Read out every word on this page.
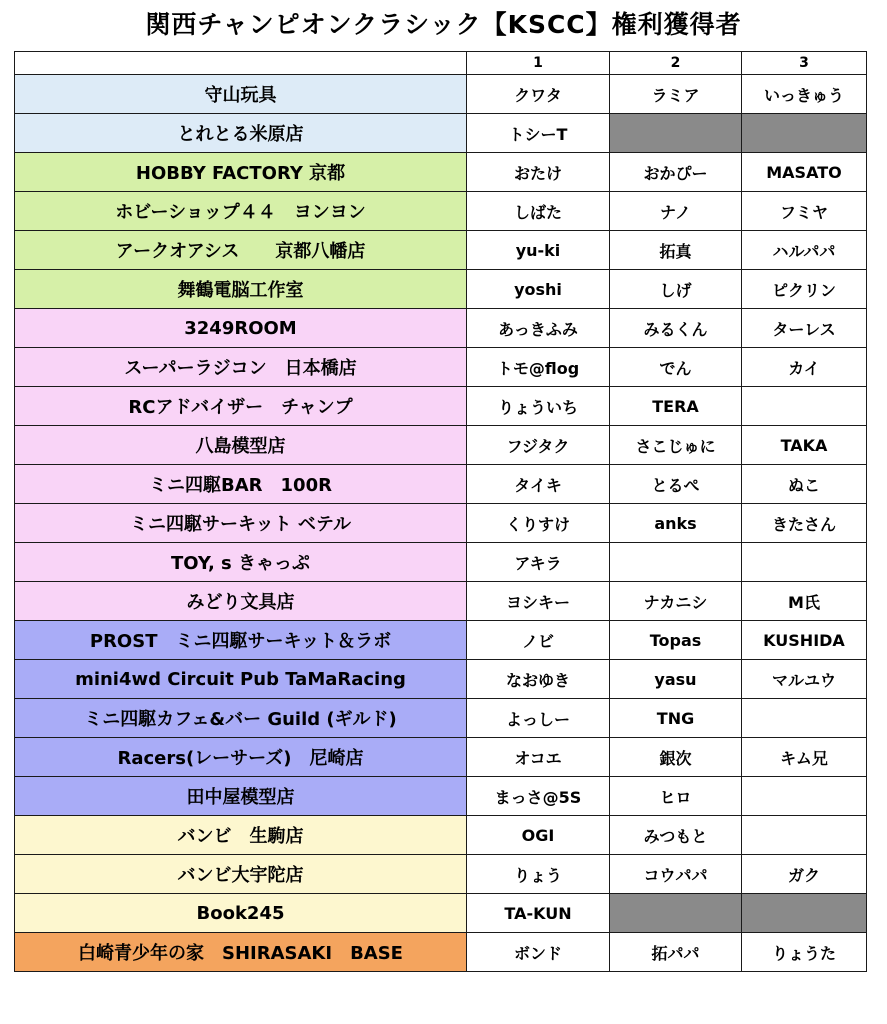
関西チャンピオンクラシック【KSCC】権利獲得者
	1	2	3
守山玩具	クワタ	ラミア	いっきゅう
とれとる米原店	トシーT		
HOBBY FACTORY 京都	おたけ	おかぴー	MASATO
ホビーショップ４４　ヨンヨン	しばた	ナノ	フミヤ
アークオアシス　　京都八幡店	yu-ki	拓真	ハルパパ
舞鶴電脳工作室	yoshi	しげ	ピクリン
3249ROOM	あっきふみ	みるくん	ターレス
スーパーラジコン　日本橋店	トモ@flog	でん	カイ
RCアドバイザー　チャンプ	りょういち	TERA	
八島模型店	フジタク	さこじゅに	TAKA
ミニ四駆BAR　100R	タイキ	とるぺ	ぬこ
ミニ四駆サーキット ベテル	くりすけ	anks	きたさん
TOY, s きゃっぷ	アキラ		
みどり文具店	ヨシキー	ナカニシ	M氏
PROST　ミニ四駆サーキット＆ラボ	ノビ	Topas	KUSHIDA
mini4wd Circuit Pub TaMaRacing	なおゆき	yasu	マルユウ
ミニ四駆カフェ&バー Guild (ギルド)	よっしー	TNG	
Racers(レーサーズ)　尼崎店	オコエ	銀次	キム兄
田中屋模型店	まっさ@5S	ヒロ	
バンビ　生駒店	OGI	みつもと	
バンビ大宇陀店	りょう	コウパパ	ガク
Book245	TA-KUN		
白崎青少年の家　SHIRASAKI　BASE	ボンド	拓パパ	りょうた
